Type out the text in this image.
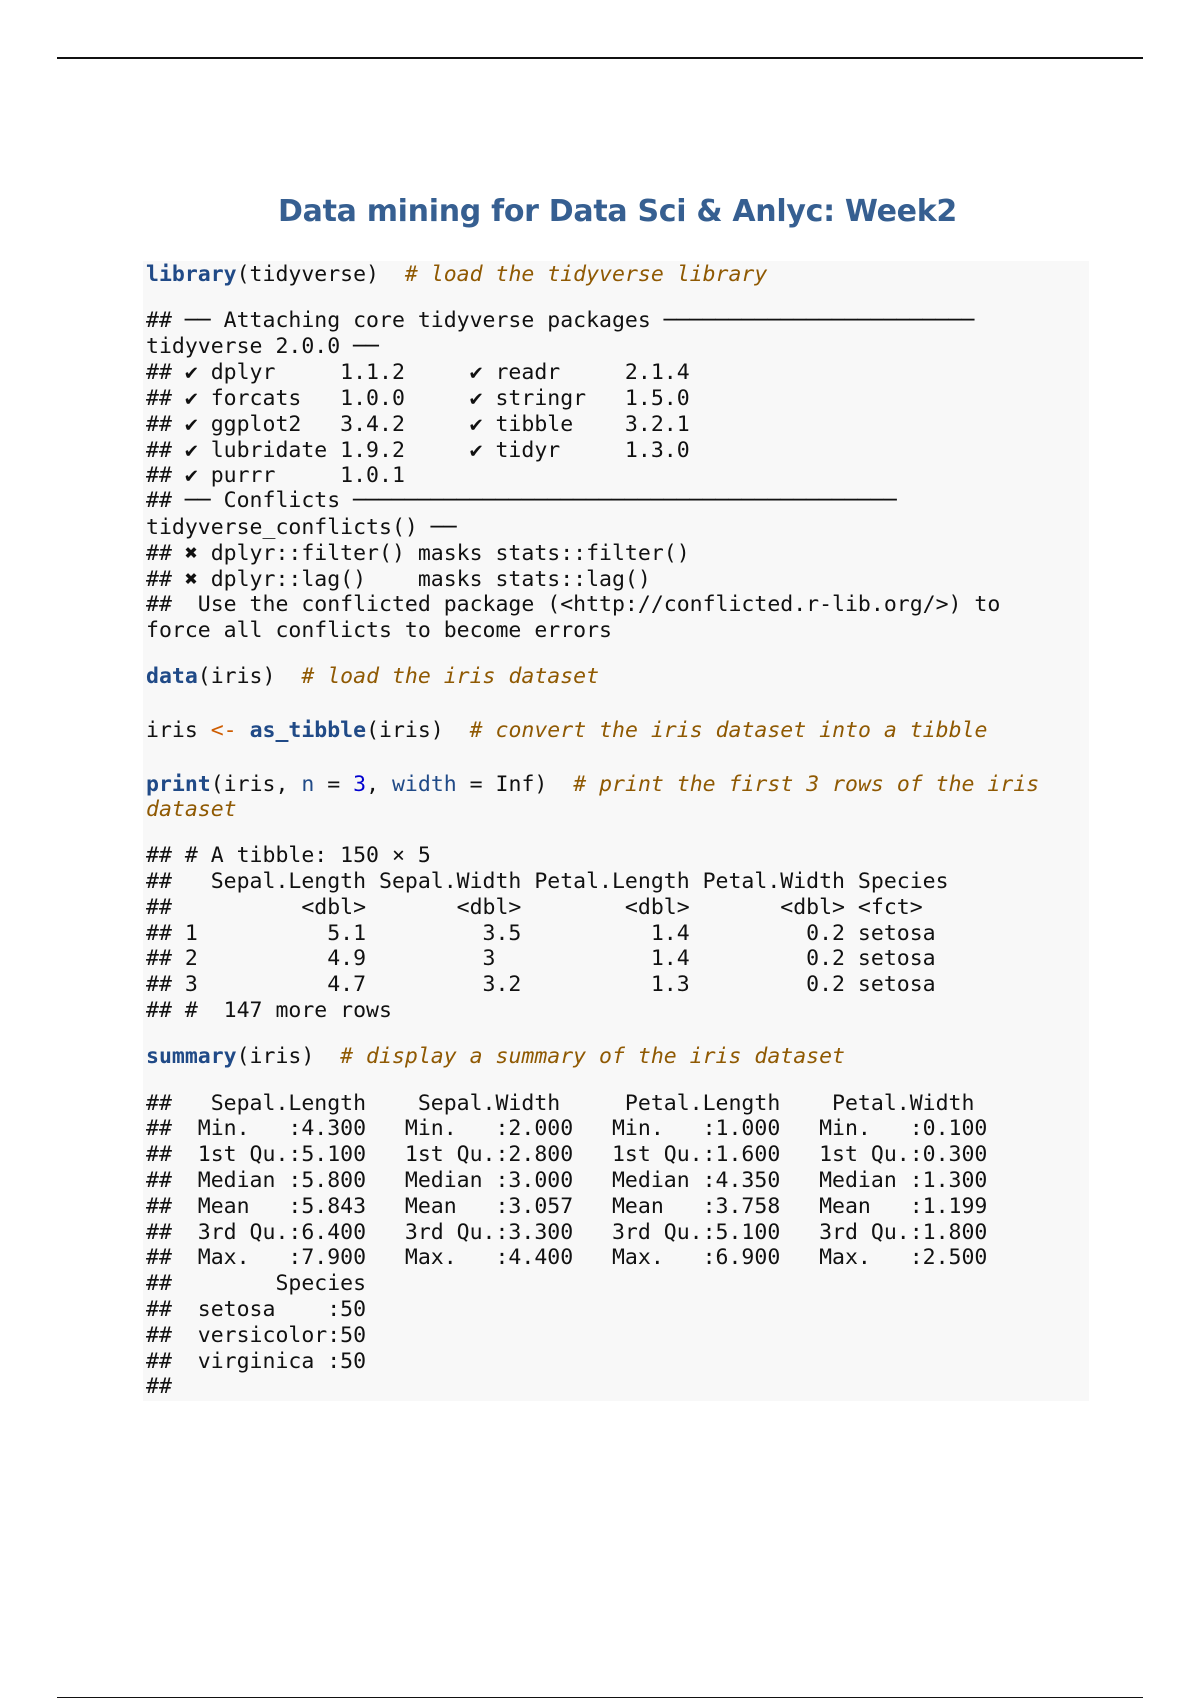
Data mining for Data Sci & Anlyc: Week2
library(tidyverse)  # load the tidyverse library
## ── Attaching core tidyverse packages ────────────────────────
tidyverse 2.0.0 ──
## ✔ dplyr     1.1.2     ✔ readr     2.1.4
## ✔ forcats   1.0.0     ✔ stringr   1.5.0
## ✔ ggplot2   3.4.2     ✔ tibble    3.2.1
## ✔ lubridate 1.9.2     ✔ tidyr     1.3.0
## ✔ purrr     1.0.1
## ── Conflicts ──────────────────────────────────────────
tidyverse_conflicts() ──
## ✖ dplyr::filter() masks stats::filter()
## ✖ dplyr::lag()    masks stats::lag()
##  Use the conflicted package (<http://conflicted.r-lib.org/>) to
force all conflicts to become errors
data(iris)  # load the iris dataset
iris <- as_tibble(iris)  # convert the iris dataset into a tibble
print(iris, n = 3, width = Inf)  # print the first 3 rows of the iris
dataset
## # A tibble: 150 × 5
##   Sepal.Length Sepal.Width Petal.Length Petal.Width Species
##          <dbl>       <dbl>        <dbl>       <dbl> <fct>
## 1          5.1         3.5          1.4         0.2 setosa
## 2          4.9         3            1.4         0.2 setosa
## 3          4.7         3.2          1.3         0.2 setosa
## #  147 more rows
summary(iris)  # display a summary of the iris dataset
##   Sepal.Length    Sepal.Width     Petal.Length    Petal.Width
##  Min.   :4.300   Min.   :2.000   Min.   :1.000   Min.   :0.100
##  1st Qu.:5.100   1st Qu.:2.800   1st Qu.:1.600   1st Qu.:0.300
##  Median :5.800   Median :3.000   Median :4.350   Median :1.300
##  Mean   :5.843   Mean   :3.057   Mean   :3.758   Mean   :1.199
##  3rd Qu.:6.400   3rd Qu.:3.300   3rd Qu.:5.100   3rd Qu.:1.800
##  Max.   :7.900   Max.   :4.400   Max.   :6.900   Max.   :2.500
##        Species
##  setosa    :50
##  versicolor:50
##  virginica :50
##
